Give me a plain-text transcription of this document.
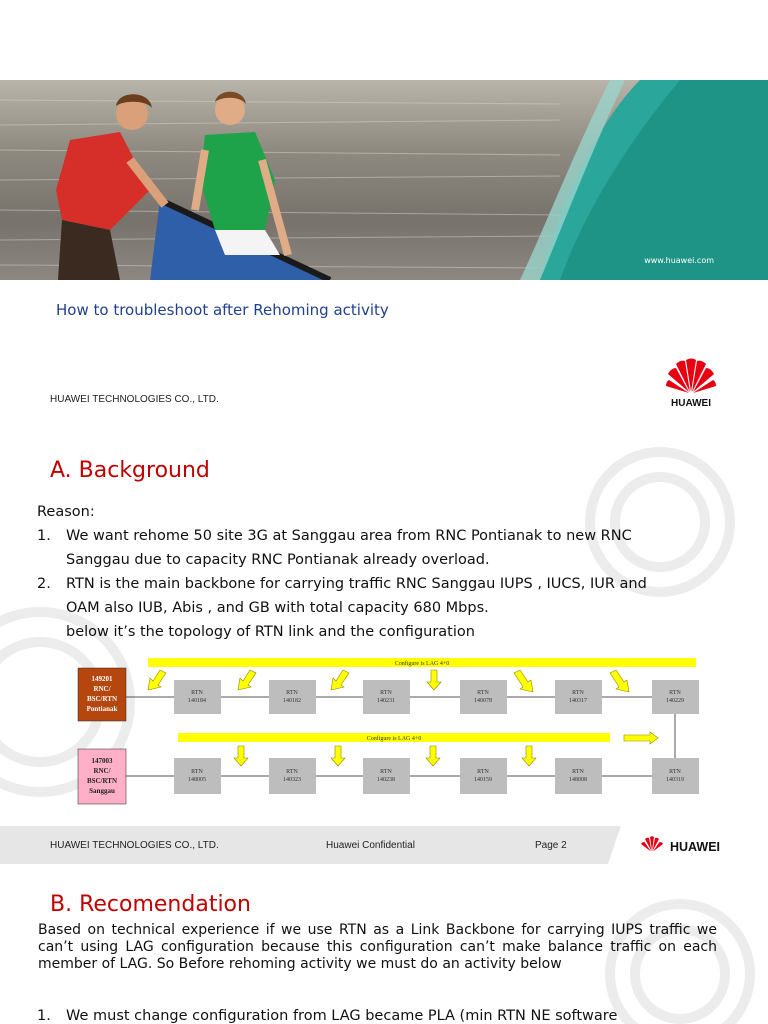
www.huawei.com
How to troubleshoot after Rehoming activity
HUAWEI TECHNOLOGIES CO., LTD.	HUAWEI
A. Background
Reason:
1. We want rehome 50 site 3G at Sanggau area from RNC Pontianak to new RNC
Sanggau due to capacity RNC Pontianak already overload.
2. RTN is the main backbone for carrying traffic RNC Sanggau IUPS , IUCS, IUR and
OAM also IUB, Abis , and GB with total capacity 680 Mbps.
below it’s the topology of RTN link and the configuration
Configure is LAG 4+0
Configure is LAG 4+0
149201
RNC/
BSC/RTN
Pontianak
147003
RNC/
BSC/RTN
Sanggau
RTN
140184
RTN
140182
RTN
140231
RTN
140078
RTN
140317
RTN
140229
RTN
148005
RTN
140323
RTN
140238
RTN
140159
RTN
148008
RTN
140319
HUAWEI TECHNOLOGIES CO., LTD.	Huawei Confidential	Page 2	HUAWEI
B. Recomendation
Based on technical experience if we use RTN as a Link Backbone for carrying IUPS traffic we can’t using LAG configuration because this configuration can’t make balance traffic on each member of LAG. So Before rehoming activity we must do an activity below
1. We must change configuration from LAG became PLA (min RTN NE software
